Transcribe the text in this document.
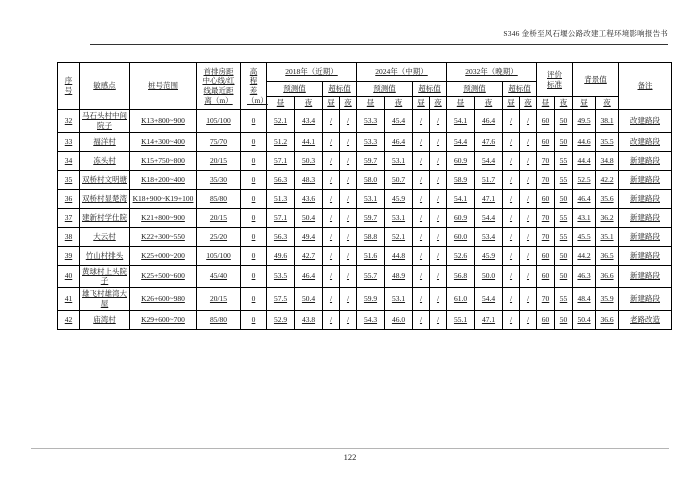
S346 金桥至风石堰公路改建工程环境影响报告书
序号	敏感点	桩号范围	首排房距中心线/红线最近距离（m）	高程差（m）	2018年（近期）				2024年（中期）				2032年（晚期）				评价标准		背景值		备注
					预测值		超标值		预测值		超标值		预测值		超标值						
					昼	夜	昼	夜	昼	夜	昼	夜	昼	夜	昼	夜	昼	夜	昼	夜	
32	马石头村中间院子	K13+800~900	105/100	0	52.1	43.4	/	/	53.3	45.4	/	/	54.1	46.4	/	/	60	50	49.5	38.1	改建路段
33	福洋村	K14+300~400	75/70	0	51.2	44.1	/	/	53.3	46.4	/	/	54.4	47.6	/	/	60	50	44.6	35.5	改建路段
34	冻头村	K15+750~800	20/15	0	57.1	50.3	/	/	59.7	53.1	/	/	60.9	54.4	/	/	70	55	44.4	34.8	新建路段
35	双桥村文明塘	K18+200~400	35/30	0	56.3	48.3	/	/	58.0	50.7	/	/	58.9	51.7	/	/	70	55	52.5	42.2	新建路段
36	双桥村显楚湾	K18+900~K19+100	85/80	0	51.3	43.6	/	/	53.1	45.9	/	/	54.1	47.1	/	/	60	50	46.4	35.6	新建路段
37	建新村学仕院	K21+800~900	20/15	0	57.1	50.4	/	/	59.7	53.1	/	/	60.9	54.4	/	/	70	55	43.1	36.2	新建路段
38	大云村	K22+300~550	25/20	0	56.3	49.4	/	/	58.8	52.1	/	/	60.0	53.4	/	/	70	55	45.5	35.1	新建路段
39	竹山村排头	K25+000~200	105/100	0	49.6	42.7	/	/	51.6	44.8	/	/	52.6	45.9	/	/	60	50	44.2	36.5	新建路段
40	黄球村上头院子	K25+500~600	45/40	0	53.5	46.4	/	/	55.7	48.9	/	/	56.8	50.0	/	/	60	50	46.3	36.6	新建路段
41	雄飞村雄湾大屋	K26+600~980	20/15	0	57.5	50.4	/	/	59.9	53.1	/	/	61.0	54.4	/	/	70	55	48.4	35.9	新建路段
42	庙湾村	K29+600~700	85/80	0	52.9	43.8	/	/	54.3	46.0	/	/	55.1	47.1	/	/	60	50	50.4	36.6	老路改造
122
